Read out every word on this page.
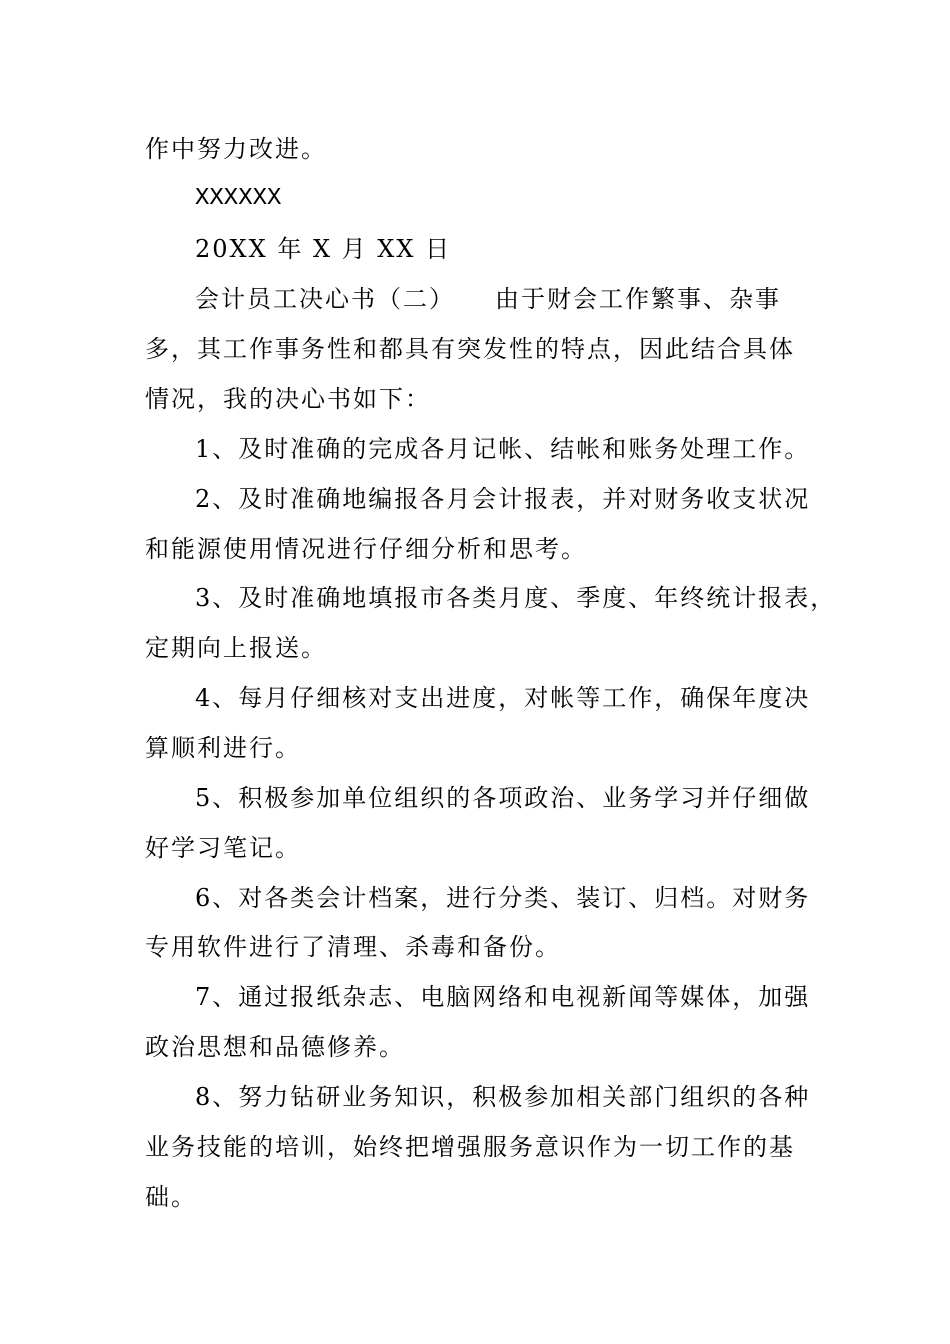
作中努力改进。
XXXXXX
20XX 年 X 月 XX 日
会计员工决心书（二）　　由于财会工作繁事、杂事
多，其工作事务性和都具有突发性的特点，因此结合具体
情况，我的决心书如下：
1、及时准确的完成各月记帐、结帐和账务处理工作。
2、及时准确地编报各月会计报表，并对财务收支状况
和能源使用情况进行仔细分析和思考。
3、及时准确地填报市各类月度、季度、年终统计报表，
定期向上报送。
4、每月仔细核对支出进度，对帐等工作，确保年度决
算顺利进行。
5、积极参加单位组织的各项政治、业务学习并仔细做
好学习笔记。
6、对各类会计档案，进行分类、装订、归档。对财务
专用软件进行了清理、杀毒和备份。
7、通过报纸杂志、电脑网络和电视新闻等媒体，加强
政治思想和品德修养。
8、努力钻研业务知识，积极参加相关部门组织的各种
业务技能的培训，始终把增强服务意识作为一切工作的基
础。
